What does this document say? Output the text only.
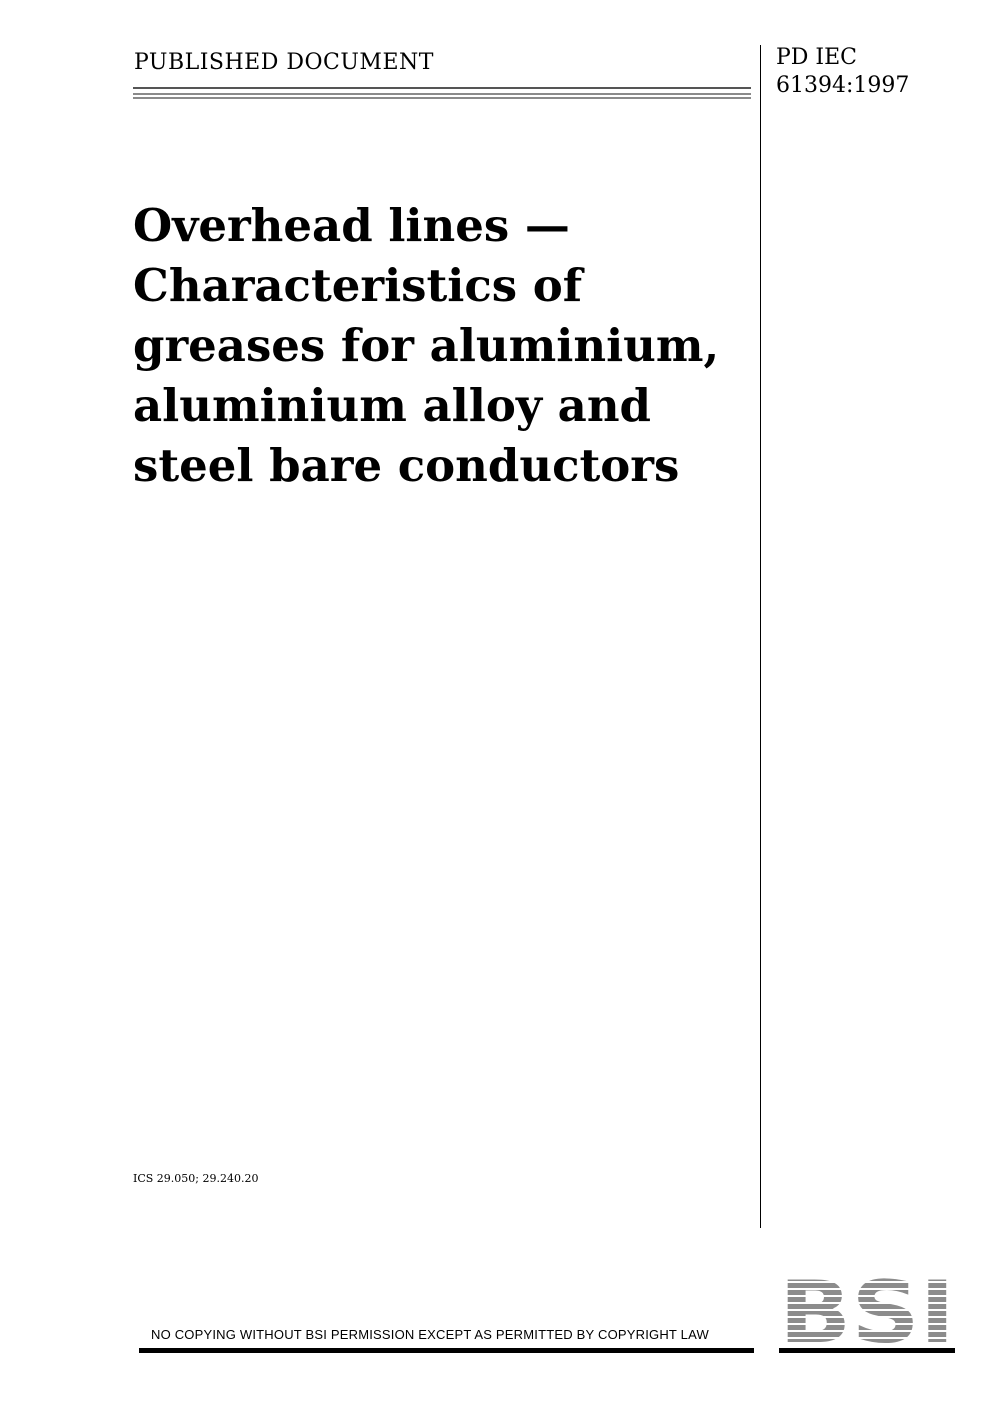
PUBLISHED DOCUMENT	PD IEC
61394:1997
Overhead lines —
Characteristics of
greases for aluminium,
aluminium alloy and
steel bare conductors
ICS 29.050; 29.240.20
NO COPYING WITHOUT BSI PERMISSION EXCEPT AS PERMITTED BY COPYRIGHT LAW
